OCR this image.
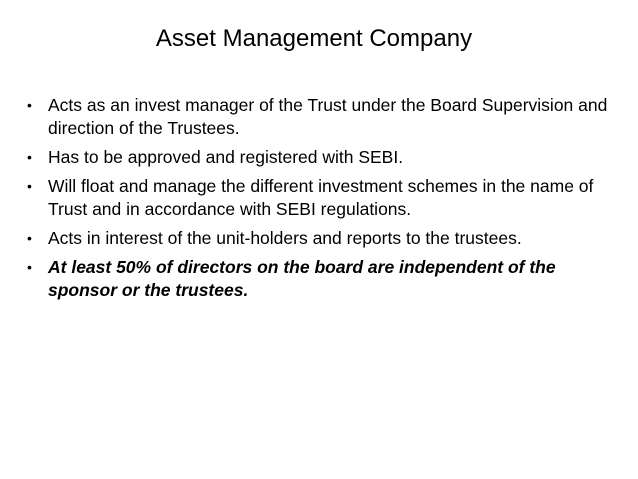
Asset Management Company
• Acts as an invest manager of the Trust under the Board Supervision and direction of the Trustees.
• Has to be approved and registered with SEBI.
• Will float and manage the different investment schemes in the name of Trust and in accordance with SEBI regulations.
• Acts in interest of the unit-holders and reports to the trustees.
• At least 50% of directors on the board are independent of the sponsor or the trustees.
